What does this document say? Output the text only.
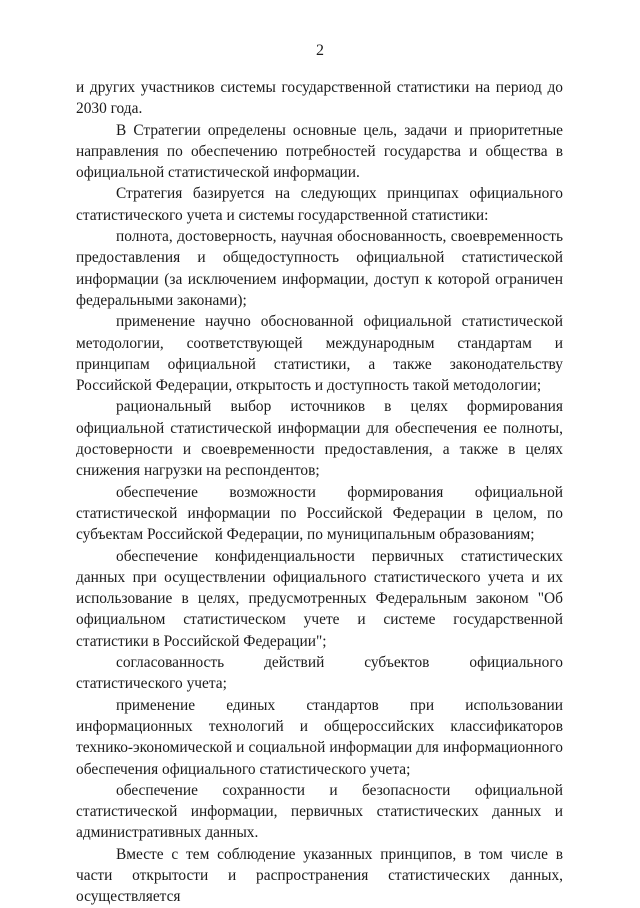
2

и других участников системы государственной статистики на период до 2030 года.

В Стратегии определены основные цель, задачи и приоритетные направления по обеспечению потребностей государства и общества в официальной статистической информации.

Стратегия базируется на следующих принципах официального статистического учета и системы государственной статистики:

полнота, достоверность, научная обоснованность, своевременность предоставления и общедоступность официальной статистической информации (за исключением информации, доступ к которой ограничен федеральными законами);

применение научно обоснованной официальной статистической методологии, соответствующей международным стандартам и принципам официальной статистики, а также законодательству Российской Федерации, открытость и доступность такой методологии;

рациональный выбор источников в целях формирования официальной статистической информации для обеспечения ее полноты, достоверности и своевременности предоставления, а также в целях снижения нагрузки на респондентов;

обеспечение возможности формирования официальной статистической информации по Российской Федерации в целом, по субъектам Российской Федерации, по муниципальным образованиям;

обеспечение конфиденциальности первичных статистических данных при осуществлении официального статистического учета и их использование в целях, предусмотренных Федеральным законом "Об официальном статистическом учете и системе государственной статистики в Российской Федерации";

согласованность действий субъектов официального статистического учета;

применение единых стандартов при использовании информационных технологий и общероссийских классификаторов технико-экономической и социальной информации для информационного обеспечения официального статистического учета;

обеспечение сохранности и безопасности официальной статистической информации, первичных статистических данных и административных данных.

Вместе с тем соблюдение указанных принципов, в том числе в части открытости и распространения статистических данных, осуществляется
